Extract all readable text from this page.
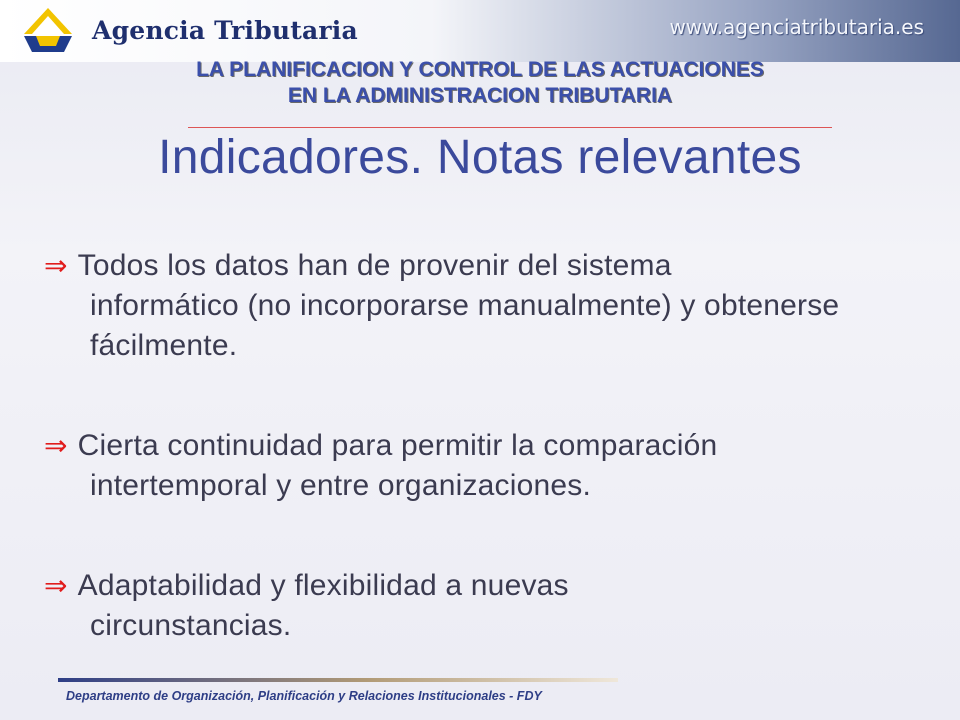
Agencia Tributaria	www.agenciatributaria.es
LA PLANIFICACION Y CONTROL DE LAS ACTUACIONES
EN LA ADMINISTRACION TRIBUTARIA
Indicadores. Notas relevantes
⇒ Todos los datos han de provenir del sistema
informático (no incorporarse manualmente) y obtenerse fácilmente.
⇒ Cierta continuidad para permitir la comparación
intertemporal y entre organizaciones.
⇒ Adaptabilidad y flexibilidad a nuevas
circunstancias.
Departamento de Organización, Planificación y Relaciones Institucionales - FDY
